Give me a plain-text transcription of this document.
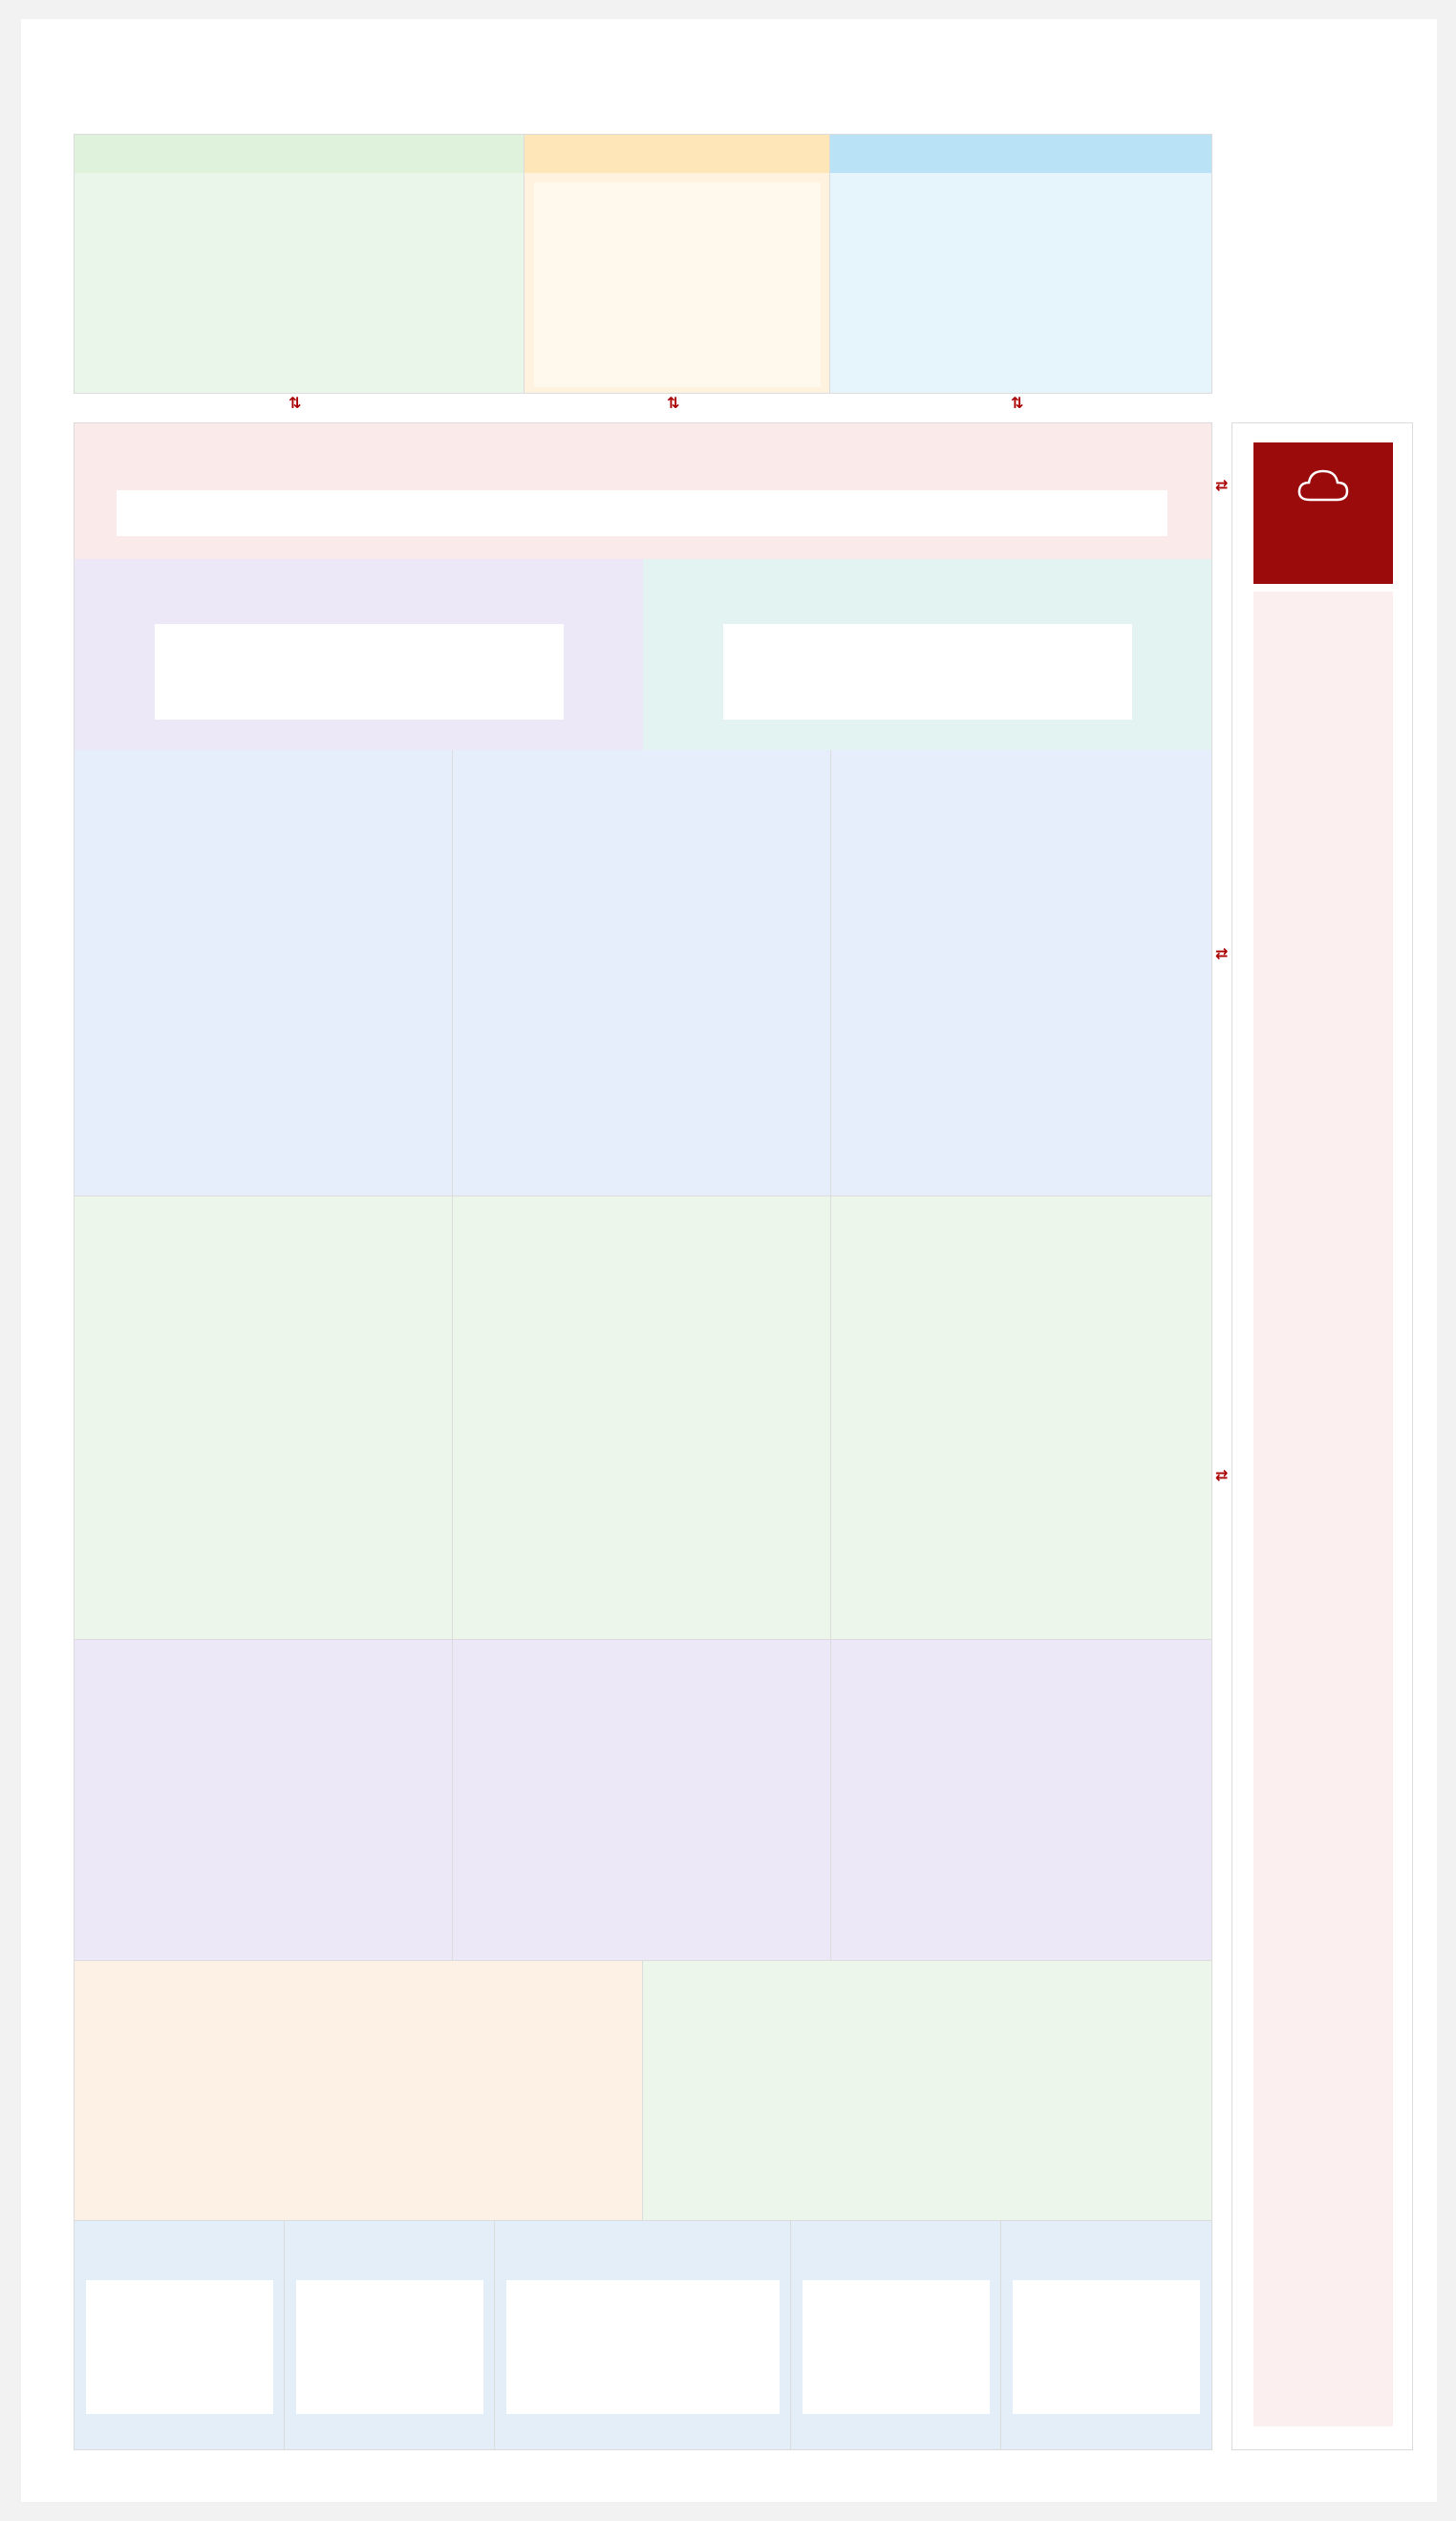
⇅	⇅	⇅
⇄
⇄
⇄
